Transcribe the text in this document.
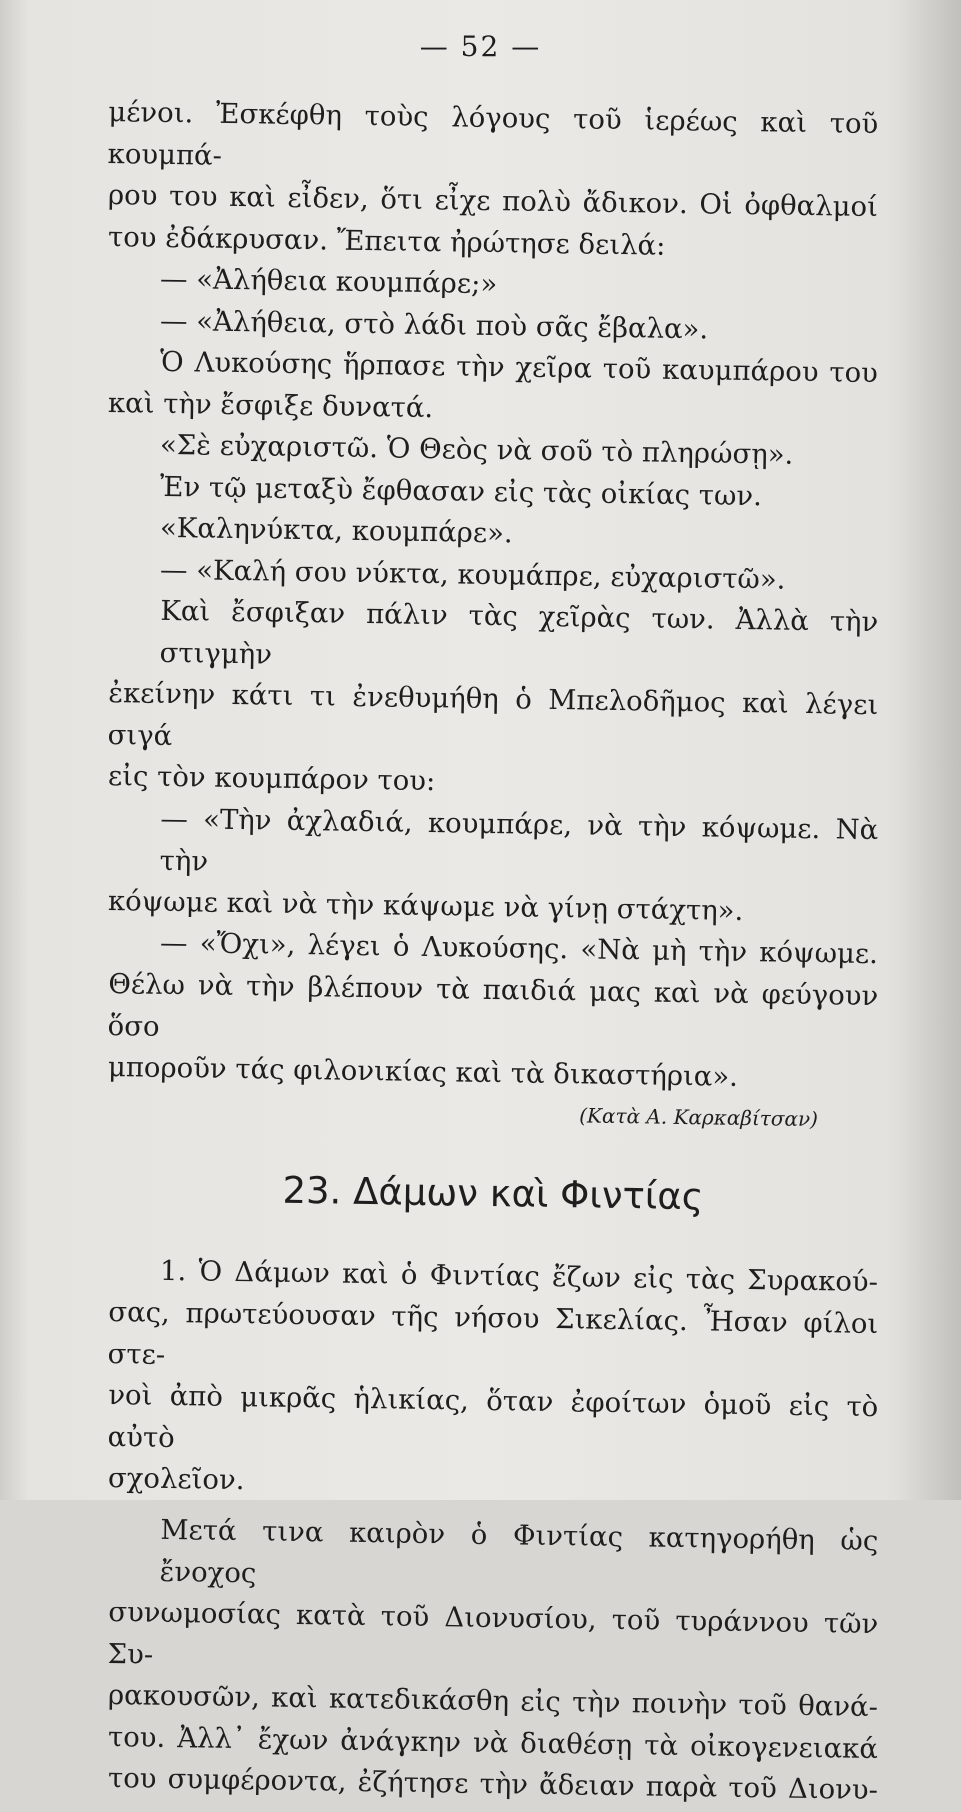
— 52 —
μένοι. Ἐσκέφθη τοὺς λόγους τοῦ ἱερέως καὶ τοῦ κουμπά-
ρου του καὶ εἶδεν, ὅτι εἶχε πολὺ ἄδικον. Οἱ ὀφθαλμοί
του ἐδάκρυσαν. Ἔπειτα ἠρώτησε δειλά:
— «Ἀλήθεια κουμπάρε;»
— «Ἀλήθεια, στὸ λάδι ποὺ σᾶς ἔβαλα».
Ὁ Λυκούσης ἥρπασε τὴν χεῖρα τοῦ καυμπάρου του
καὶ τὴν ἔσφιξε δυνατά.
«Σὲ εὐχαριστῶ. Ὁ Θεὸς νὰ σοῦ τὸ πληρώσῃ».
Ἐν τῷ μεταξὺ ἔφθασαν εἰς τὰς οἰκίας των.
«Καληνύκτα, κουμπάρε».
— «Καλή σου νύκτα, κουμάπρε, εὐχαριστῶ».
Καὶ ἔσφιξαν πάλιν τὰς χεῖρὰς των. Ἀλλὰ τὴν στιγμὴν
ἐκείνην κάτι τι ἐνεθυμήθη ὁ Μπελοδῆμος καὶ λέγει σιγά
εἰς τὸν κουμπάρον του:
— «Τὴν ἀχλαδιά, κουμπάρε, νὰ τὴν κόψωμε. Νὰ τὴν
κόψωμε καὶ νὰ τὴν κάψωμε νὰ γίνῃ στάχτη».
— «Ὄχι», λέγει ὁ Λυκούσης. «Νὰ μὴ τὴν κόψωμε.
Θέλω νὰ τὴν βλέπουν τὰ παιδιά μας καὶ νὰ φεύγουν ὅσο
μποροῦν τάς φιλονικίας καὶ τὰ δικαστήρια».
(Κατὰ Α. Καρκαβίτσαν)
23. Δάμων καὶ Φιντίας
1. Ὁ Δάμων καὶ ὁ Φιντίας ἔζων εἰς τὰς Συρακού-
σας, πρωτεύουσαν τῆς νήσου Σικελίας. Ἦσαν φίλοι στε-
νοὶ ἀπὸ μικρᾶς ἡλικίας, ὅταν ἐφοίτων ὁμοῦ εἰς τὸ αὐτὸ
σχολεῖον.
Μετά τινα καιρὸν ὁ Φιντίας κατηγορήθη ὡς ἔνοχος
συνωμοσίας κατὰ τοῦ Διονυσίου, τοῦ τυράννου τῶν Συ-
ρακουσῶν, καὶ κατεδικάσθη εἰς τὴν ποινὴν τοῦ θανά-
του. Ἀλλ᾽ ἔχων ἀνάγκην νὰ διαθέσῃ τὰ οἰκογενειακά
του συμφέροντα, ἐζήτησε τὴν ἄδειαν παρὰ τοῦ Διονυ-
